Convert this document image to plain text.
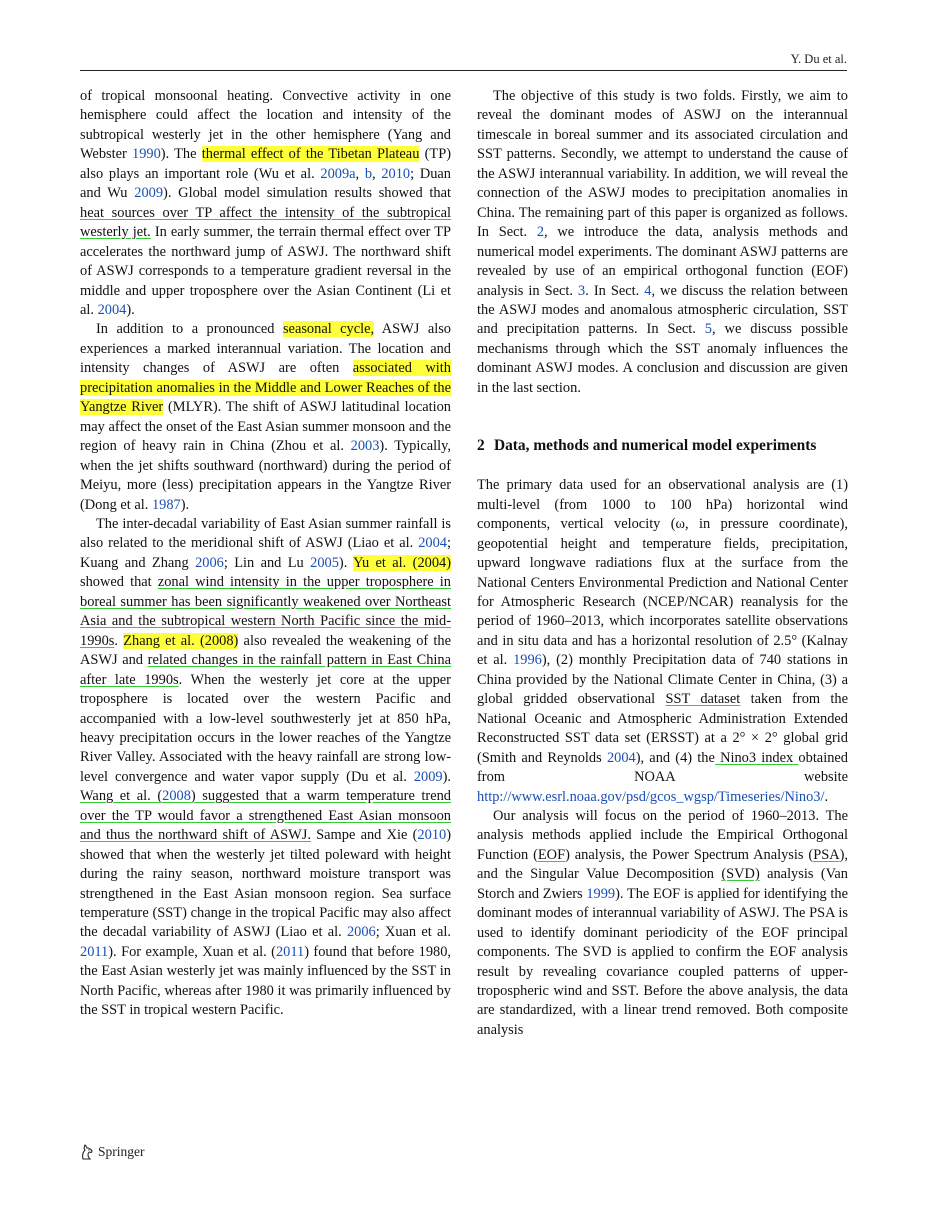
Y. Du et al.

of tropical monsoonal heating. Convective activity in one hemisphere could affect the location and intensity of the subtropical westerly jet in the other hemisphere (Yang and Webster 1990). The thermal effect of the Tibetan Plateau (TP) also plays an important role (Wu et al. 2009a, b, 2010; Duan and Wu 2009). Global model simulation results showed that heat sources over TP affect the intensity of the subtropical westerly jet. In early summer, the terrain thermal effect over TP accelerates the northward jump of ASWJ. The northward shift of ASWJ corresponds to a temperature gradient reversal in the middle and upper troposphere over the Asian Continent (Li et al. 2004).

In addition to a pronounced seasonal cycle, ASWJ also experiences a marked interannual variation. The location and intensity changes of ASWJ are often associated with precipitation anomalies in the Middle and Lower Reaches of the Yangtze River (MLYR). The shift of ASWJ latitudinal location may affect the onset of the East Asian summer monsoon and the region of heavy rain in China (Zhou et al. 2003). Typically, when the jet shifts southward (northward) during the period of Meiyu, more (less) precipitation appears in the Yangtze River (Dong et al. 1987).

The inter-decadal variability of East Asian summer rainfall is also related to the meridional shift of ASWJ (Liao et al. 2004; Kuang and Zhang 2006; Lin and Lu 2005). Yu et al. (2004) showed that zonal wind intensity in the upper troposphere in boreal summer has been significantly weakened over Northeast Asia and the subtropical western North Pacific since the mid-1990s. Zhang et al. (2008) also revealed the weakening of the ASWJ and related changes in the rainfall pattern in East China after late 1990s. When the westerly jet core at the upper troposphere is located over the western Pacific and accompanied with a low-level southwesterly jet at 850 hPa, heavy precipitation occurs in the lower reaches of the Yangtze River Valley. Associated with the heavy rainfall are strong low-level convergence and water vapor supply (Du et al. 2009). Wang et al. (2008) suggested that a warm temperature trend over the TP would favor a strengthened East Asian monsoon and thus the northward shift of ASWJ. Sampe and Xie (2010) showed that when the westerly jet tilted poleward with height during the rainy season, northward moisture transport was strengthened in the East Asian monsoon region. Sea surface temperature (SST) change in the tropical Pacific may also affect the decadal variability of ASWJ (Liao et al. 2006; Xuan et al. 2011). For example, Xuan et al. (2011) found that before 1980, the East Asian westerly jet was mainly influenced by the SST in North Pacific, whereas after 1980 it was primarily influenced by the SST in tropical western Pacific.

The objective of this study is two folds. Firstly, we aim to reveal the dominant modes of ASWJ on the interannual timescale in boreal summer and its associated circulation and SST patterns. Secondly, we attempt to understand the cause of the ASWJ interannual variability. In addition, we will reveal the connection of the ASWJ modes to precipitation anomalies in China. The remaining part of this paper is organized as follows. In Sect. 2, we introduce the data, analysis methods and numerical model experiments. The dominant ASWJ patterns are revealed by use of an empirical orthogonal function (EOF) analysis in Sect. 3. In Sect. 4, we discuss the relation between the ASWJ modes and anomalous atmospheric circulation, SST and precipitation patterns. In Sect. 5, we discuss possible mechanisms through which the SST anomaly influences the dominant ASWJ modes. A conclusion and discussion are given in the last section.

2 Data, methods and numerical model experiments

The primary data used for an observational analysis are (1) multi-level (from 1000 to 100 hPa) horizontal wind components, vertical velocity (ω, in pressure coordinate), geopotential height and temperature fields, precipitation, upward longwave radiations flux at the surface from the National Centers Environmental Prediction and National Center for Atmospheric Research (NCEP/NCAR) reanalysis for the period of 1960–2013, which incorporates satellite observations and in situ data and has a horizontal resolution of 2.5° (Kalnay et al. 1996), (2) monthly Precipitation data of 740 stations in China provided by the National Climate Center in China, (3) a global gridded observational SST dataset taken from the National Oceanic and Atmospheric Administration Extended Reconstructed SST data set (ERSST) at a 2° × 2° global grid (Smith and Reynolds 2004), and (4) the Nino3 index obtained from NOAA website http://www.esrl.noaa.gov/psd/gcos_wgsp/Timeseries/Nino3/.

Our analysis will focus on the period of 1960–2013. The analysis methods applied include the Empirical Orthogonal Function (EOF) analysis, the Power Spectrum Analysis (PSA), and the Singular Value Decomposition (SVD) analysis (Van Storch and Zwiers 1999). The EOF is applied for identifying the dominant modes of interannual variability of ASWJ. The PSA is used to identify dominant periodicity of the EOF principal components. The SVD is applied to confirm the EOF analysis result by revealing covariance coupled patterns of upper-tropospheric wind and SST. Before the above analysis, the data are standardized, with a linear trend removed. Both composite analysis

Springer
